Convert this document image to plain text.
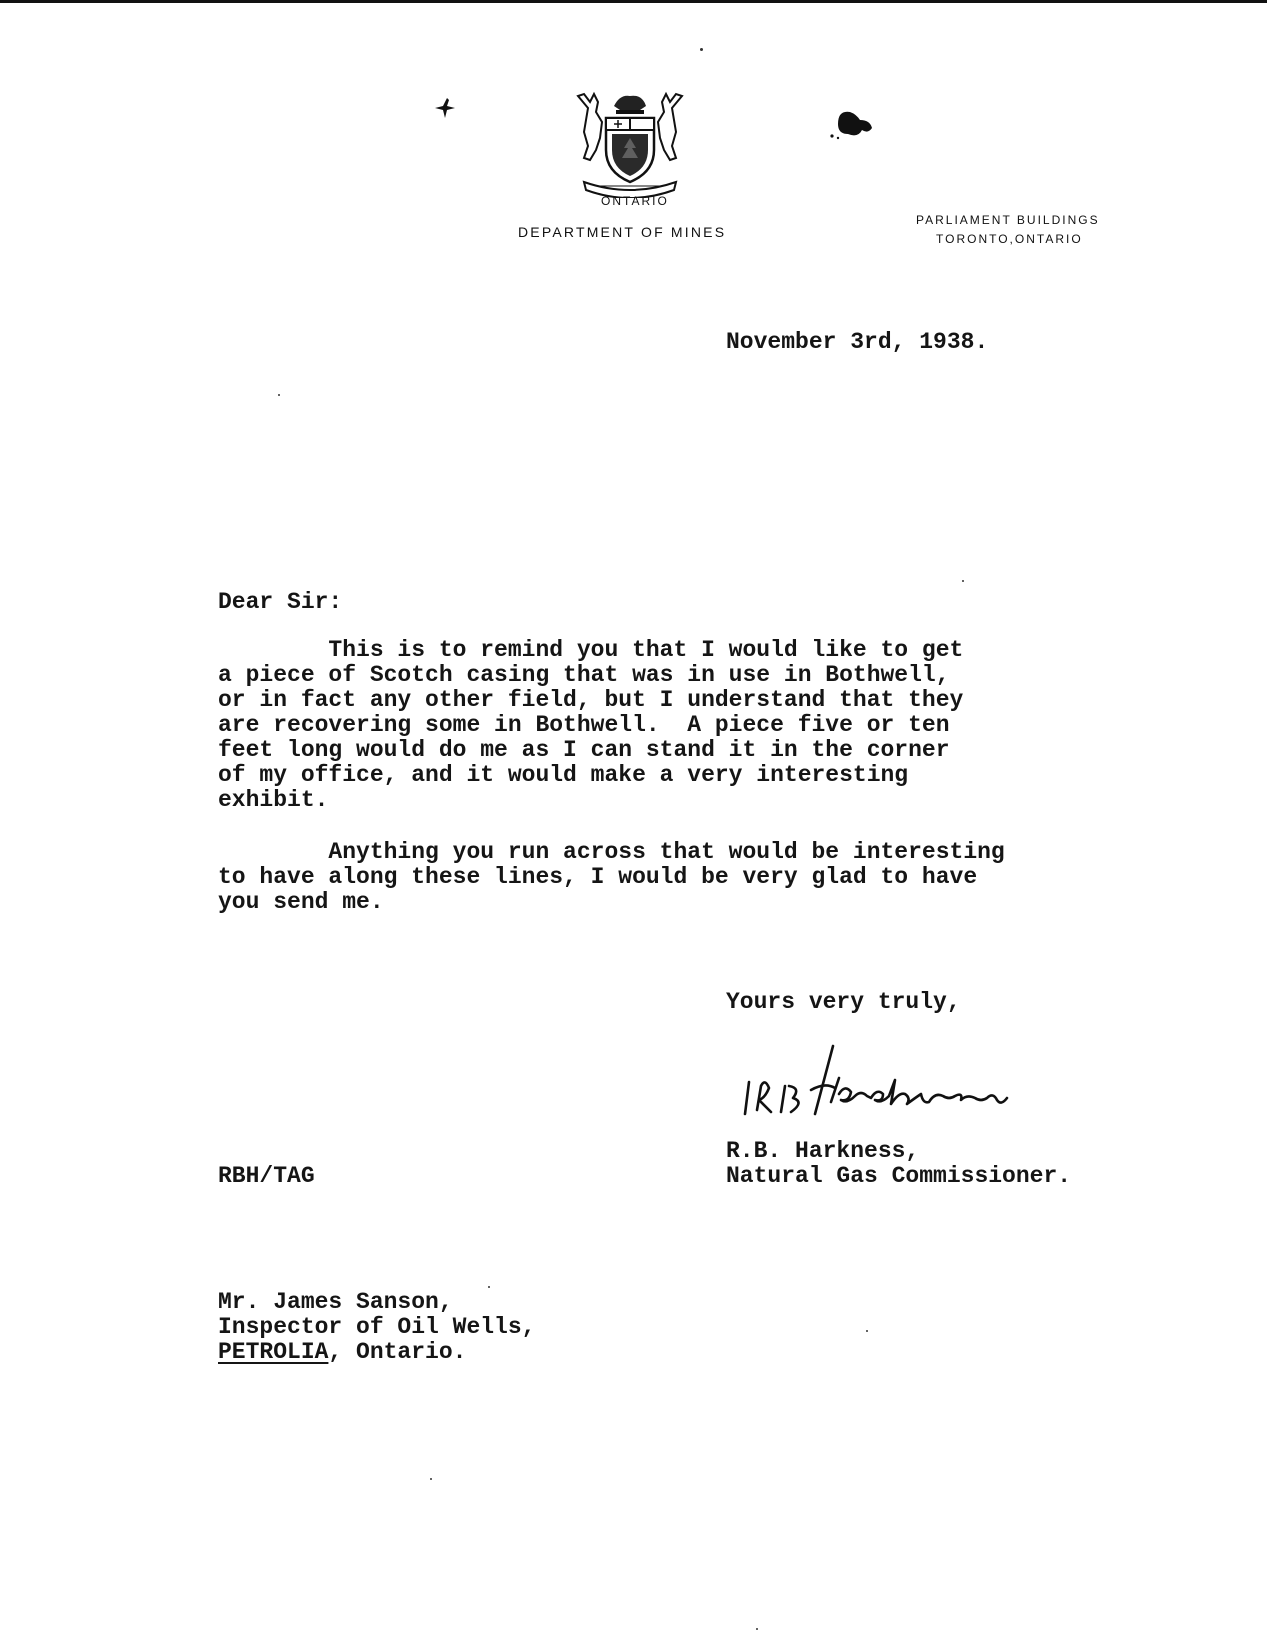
ONTARIO
DEPARTMENT OF MINES
PARLIAMENT BUILDINGS
TORONTO,ONTARIO
November 3rd, 1938.
Dear Sir:
This is to remind you that I would like to get
a piece of Scotch casing that was in use in Bothwell,
or in fact any other field, but I understand that they
are recovering some in Bothwell.  A piece five or ten
feet long would do me as I can stand it in the corner
of my office, and it would make a very interesting
exhibit.
Anything you run across that would be interesting
to have along these lines, I would be very glad to have
you send me.
Yours very truly,
R.B. Harkness,
Natural Gas Commissioner.
RBH/TAG
Mr. James Sanson,
Inspector of Oil Wells,
PETROLIA, Ontario.
